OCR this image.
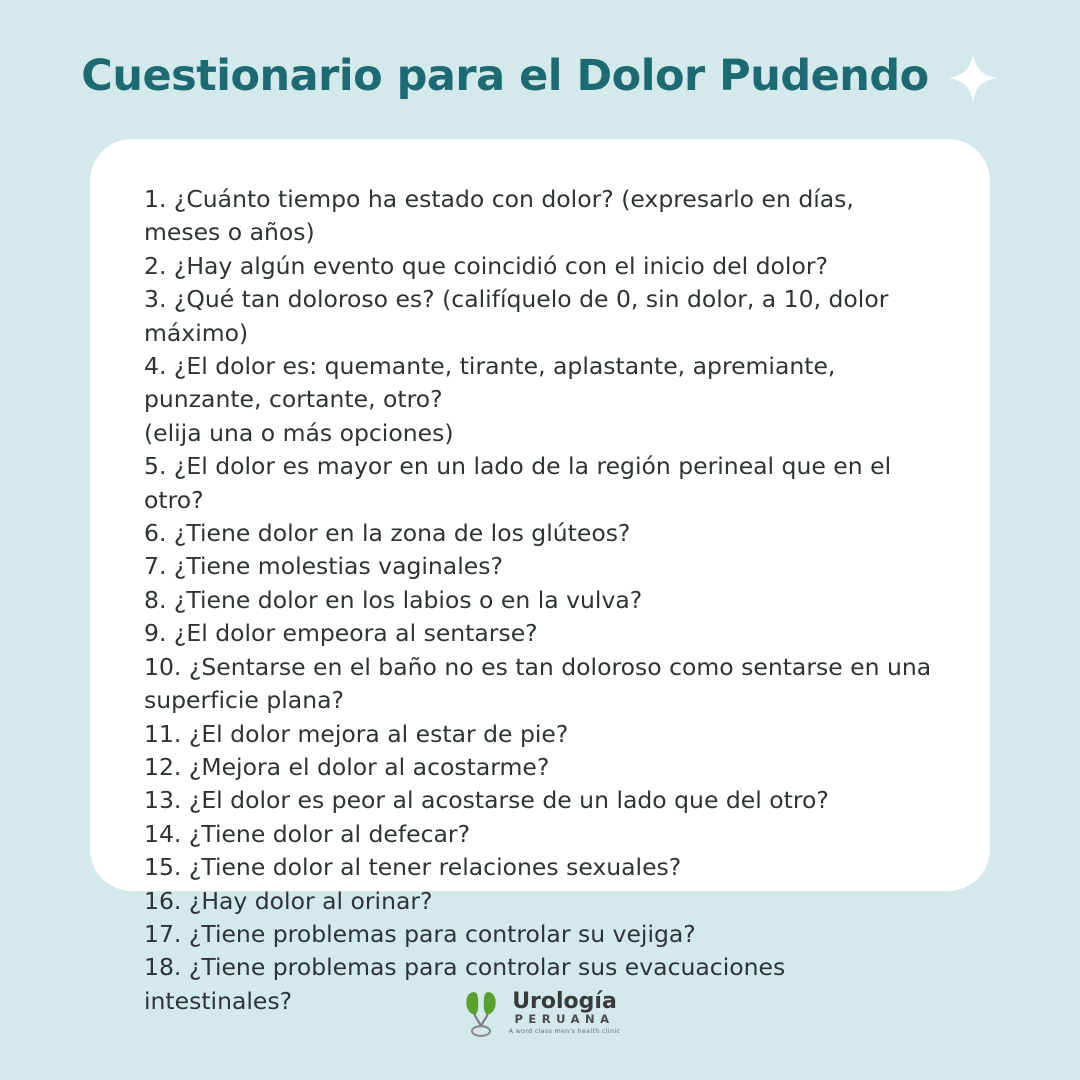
Cuestionario para el Dolor Pudendo
1. ¿Cuánto tiempo ha estado con dolor? (expresarlo en días, meses o años)
2. ¿Hay algún evento que coincidió con el inicio del dolor?
3. ¿Qué tan doloroso es? (califíquelo de 0, sin dolor, a 10, dolor máximo)
4. ¿El dolor es: quemante, tirante, aplastante, apremiante, punzante, cortante, otro?
(elija una o más opciones)
5. ¿El dolor es mayor en un lado de la región perineal que en el otro?
6. ¿Tiene dolor en la zona de los glúteos?
7. ¿Tiene molestias vaginales?
8. ¿Tiene dolor en los labios o en la vulva?
9. ¿El dolor empeora al sentarse?
10. ¿Sentarse en el baño no es tan doloroso como sentarse en una superficie plana?
11. ¿El dolor mejora al estar de pie?
12. ¿Mejora el dolor al acostarme?
13. ¿El dolor es peor al acostarse de un lado que del otro?
14. ¿Tiene dolor al defecar?
15. ¿Tiene dolor al tener relaciones sexuales?
16. ¿Hay dolor al orinar?
17. ¿Tiene problemas para controlar su vejiga?
18. ¿Tiene problemas para controlar sus evacuaciones intestinales?	Urología
PERUANA
A word class men's health clinic
